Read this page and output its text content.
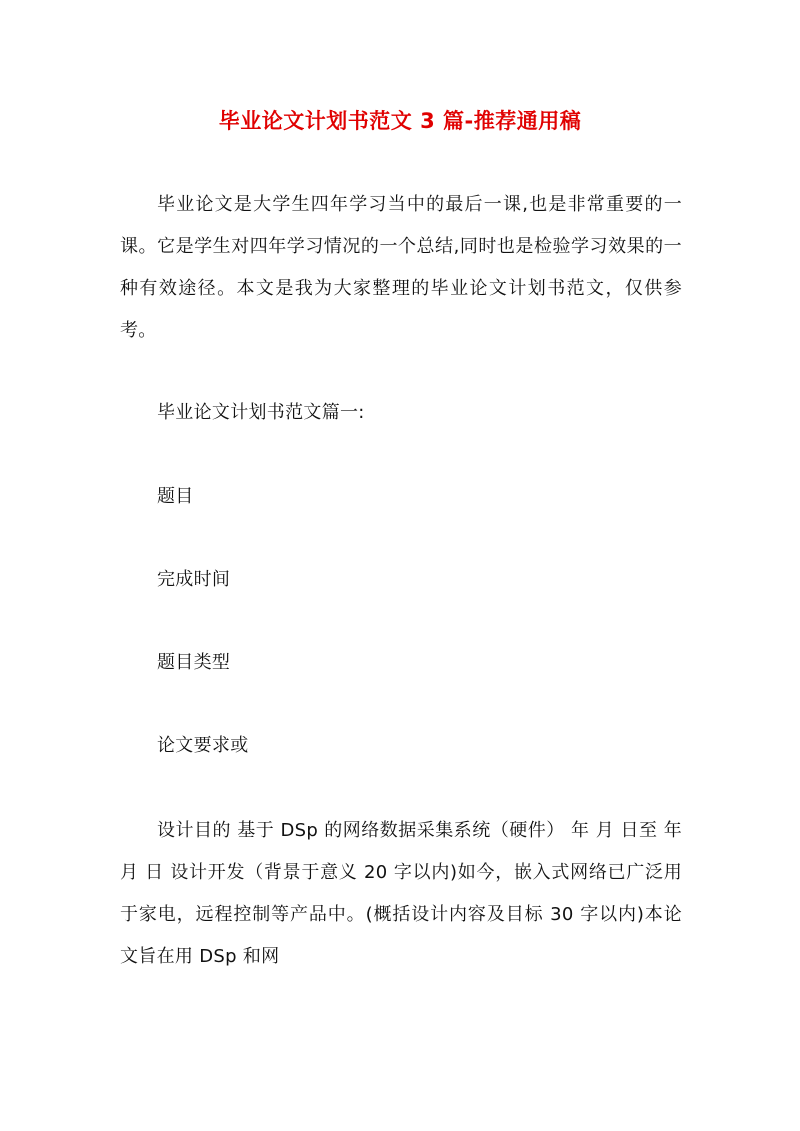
毕业论文计划书范文 3 篇-推荐通用稿

毕业论文是大学生四年学习当中的最后一课,也是非常重要的一课。它是学生对四年学习情况的一个总结,同时也是检验学习效果的一种有效途径。本文是我为大家整理的毕业论文计划书范文，仅供参考。

毕业论文计划书范文篇一:

题目

完成时间

题目类型

论文要求或

设计目的 基于 DSp 的网络数据采集系统（硬件） 年 月 日至 年 月 日 设计开发（背景于意义 20 字以内)如今，嵌入式网络已广泛用于家电，远程控制等产品中。(概括设计内容及目标 30 字以内)本论文旨在用 DSp 和网
